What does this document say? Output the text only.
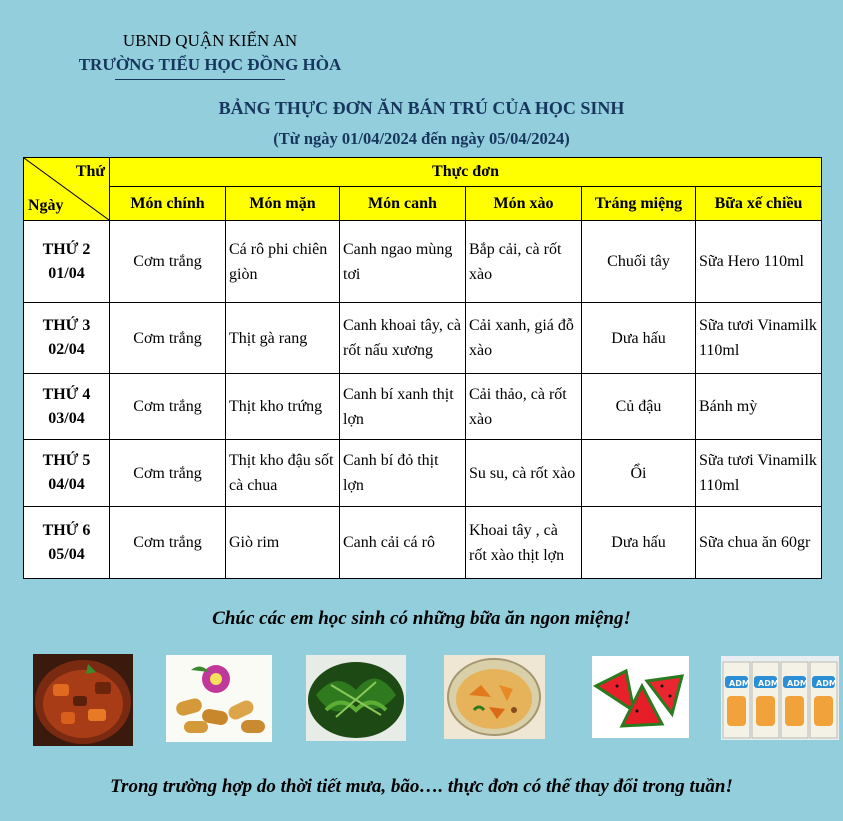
UBND QUẬN KIẾN AN
TRƯỜNG TIỂU HỌC ĐỒNG HÒA
BẢNG THỰC ĐƠN ĂN BÁN TRÚ CỦA HỌC SINH
(Từ ngày 01/04/2024 đến ngày 05/04/2024)
Thứ
Ngày	Thực đơn					
	Món chính	Món mặn	Món canh	Món xào	Tráng miệng	Bữa xế chiều

THỨ 2
01/04	Cơm trắng	Cá rô phi chiên giòn	Canh ngao mùng tơi	Bắp cải, cà rốt xào	Chuối tây	Sữa Hero 110ml

THỨ 3
02/04	Cơm trắng	Thịt gà rang	Canh khoai tây, cà rốt nấu xương	Cải xanh, giá đỗ xào	Dưa hấu	Sữa tươi Vinamilk 110ml

THỨ 4
03/04	Cơm trắng	Thịt kho trứng	Canh bí xanh thịt lợn	Cải thảo, cà rốt xào	Củ đậu	Bánh mỳ

THỨ 5
04/04	Cơm trắng	Thịt kho đậu sốt cà chua	Canh bí đỏ thịt lợn	Su su, cà rốt xào	Ổi	Sữa tươi Vinamilk 110ml

THỨ 6
05/04	Cơm trắng	Giò rim	Canh cải cá rô	Khoai tây , cà rốt xào thịt lợn	Dưa hấu	Sữa chua ăn 60gr
Chúc các em học sinh có những bữa ăn ngon miệng!
ADM ADM ADM ADM
Trong trường hợp do thời tiết mưa, bão…. thực đơn có thể thay đổi trong tuần!
